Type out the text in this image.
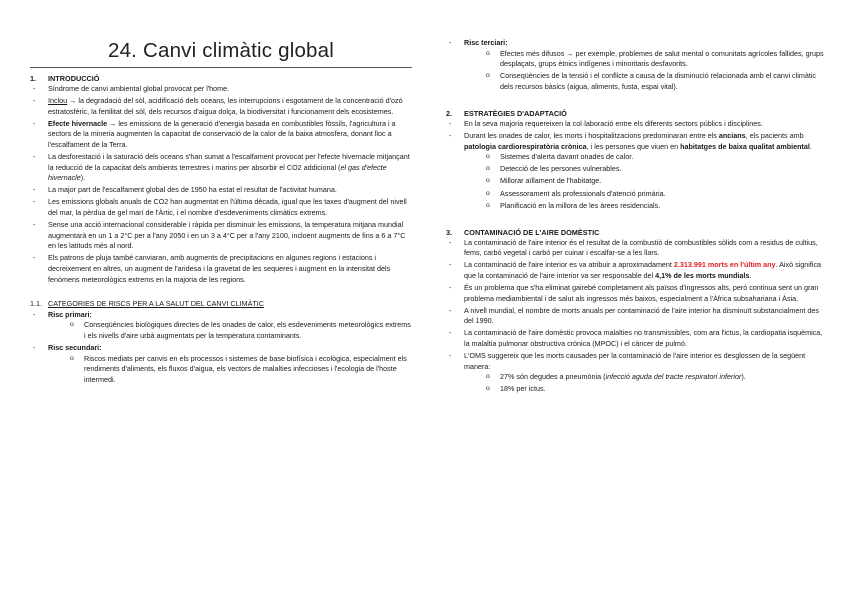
24. Canvi climàtic global
1.	INTRODUCCIÓ
- Síndrome de canvi ambiental global provocat per l'home.
- Inclou → la degradació del sòl, acidificació dels oceans, les interrupcions i esgotament de la concentració d'ozó estratosfèric, la fertilitat del sòl, dels recursos d'aigua dolça, la biodiversitat i funcionament dels ecosistemes.
- Efecte hivernacle → les emissions de la generació d'energia basada en combustibles fòssils, l'agricultura i a sectors de la mineria augmenten la capacitat de conservació de la calor de la baixa atmosfera, donant lloc a l'escalfament de la Terra.
- La desforestació i la saturació dels oceans s'han sumat a l'escalfament provocat per l'efecte hivernacle mitjançant la reducció de la capacitat dels ambients terrestres i marins per absorbir el CO2 addicional (el gas d'efecte hivernacle).
- La major part de l'escalfament global des de 1950 ha estat el resultat de l'activitat humana.
- Les emissions globals anuals de CO2 han augmentat en l'última dècada, igual que les taxes d'augment del nivell del mar, la pèrdua de gel marí de l'Àrtic, i el nombre d'esdeveniments climàtics extrems.
- Sense una acció internacional considerable i ràpida per disminuir les emissions, la temperatura mitjana mundial augmentarà en un 1 a 2°C per a l'any 2050 i en un 3 a 4°C per a l'any 2100, incloent augments de fins a 6 a 7°C en les latituds més al nord.
- Els patrons de pluja també canviaran, amb augments de precipitacions en algunes regions i estacions i decreixement en altres, un augment de l'aridesa i la gravetat de les sequeres i augment en la intensitat dels fenòmens meteorològics extrems en la majoria de les regions.
1.1. CATEGORIES DE RISCS PER A LA SALUT DEL CANVI CLIMÀTIC
- Risc primari:
o Conseqüències biològiques directes de les onades de calor, els esdeveniments meteorològics extrems i els nivells d'aire urbà augmentats per la temperatura contaminants.
- Risc secundari:
o Riscos mediats per canvis en els processos i sistemes de base biofísica i ecològica, especialment els rendiments d'aliments, els fluxos d'aigua, els vectors de malalties infeccioses i l'ecologia de l'hoste intermedi.
- Risc terciari:
o Efectes més difusos → per exemple, problemes de salut mental o comunitats agrícoles fallides, grups desplaçats, grups ètnics indígenes i minoritaris desfavorits.
o Conseqüències de la tensió i el conflicte a causa de la disminució relacionada amb el canvi climàtic dels recursos bàsics (aigua, aliments, fusta, espai vital).
2.	ESTRATÈGIES D'ADAPTACIÓ
- En la seva majoria requereixen la col·laboració entre els diferents sectors públics i disciplines.
- Durant les onades de calor, les morts i hospitalitzacions predominaran entre els ancians, els pacients amb patologia cardiorespiratòria crònica, i les persones que viuen en habitatges de baixa qualitat ambiental.
o Sistemes d'alerta davant onades de calor.
o Detecció de les persones vulnerables.
o Millorar aïllament de l'habitatge.
o Assessorament als professionals d'atenció primària.
o Planificació en la millora de les àrees residencials.
3.	CONTAMINACIÓ DE L'AIRE DOMÈSTIC
- La contaminació de l'aire interior és el resultat de la combustió de combustibles sòlids com a residus de cultius, fems, carbó vegetal i carbó per cuinar i escalfar-se a les llars.
- La contaminació de l'aire interior es va atribuir a aproximadament 2.313.991 morts en l'últim any. Això significa que la contaminació de l'aire interior va ser responsable del 4,1% de les morts mundials.
- És un problema que s'ha eliminat gairebé completament als països d'ingressos alts, però continua sent un gran problema mediambiental i de salut als ingressos més baixos, especialment a l'Àfrica subsahariana i Àsia.
- A nivell mundial, el nombre de morts anuals per contaminació de l'aire interior ha disminuït substancialment des del 1990.
- La contaminació de l'aire domèstic provoca malalties no transmissibles, com ara l'ictus, la cardiopatia isquèmica, la malaltia pulmonar obstructiva crònica (MPOC) i el càncer de pulmó.
- L'OMS suggereix que les morts causades per la contaminació de l'aire interior es desglossen de la següent manera:
o 27% són degudes a pneumònia (infecció aguda del tracte respiratori inferior).
o 18% per ictus.
